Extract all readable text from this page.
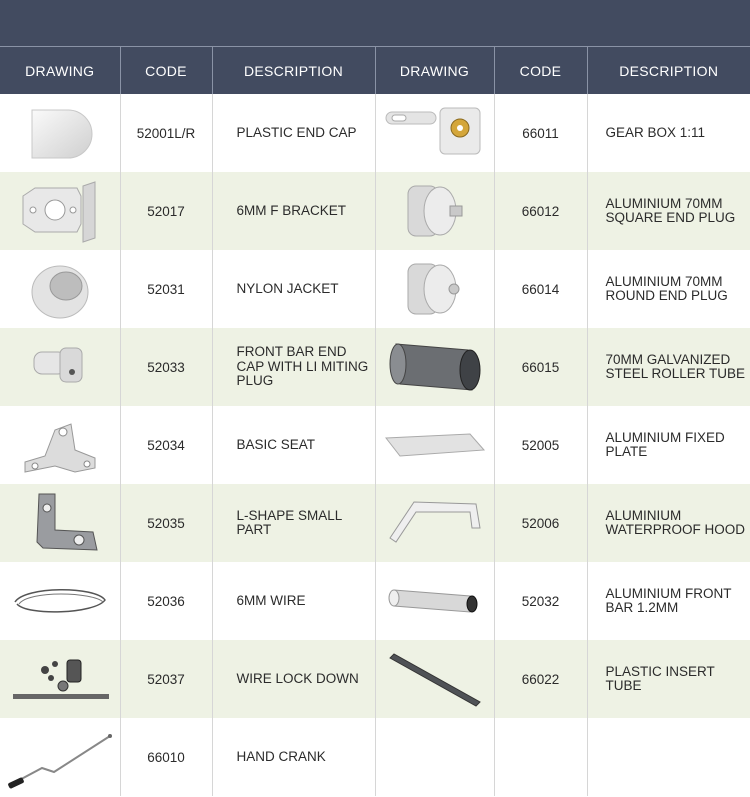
DRAWING	CODE	DESCRIPTION	DRAWING	CODE	DESCRIPTION

	52001L/R	PLASTIC END CAP		66011	GEAR BOX 1:11

	52017	6MM F BRACKET		66012	ALUMINIUM 70MM SQUARE END PLUG

	52031	NYLON JACKET		66014	ALUMINIUM 70MM ROUND END PLUG

	52033	FRONT BAR END CAP WITH LI MITING PLUG		66015	70MM GALVANIZED STEEL ROLLER TUBE

	52034	BASIC SEAT		52005	ALUMINIUM FIXED PLATE

	52035	L-SHAPE SMALL PART		52006	ALUMINIUM WATERPROOF HOOD

	52036	6MM WIRE		52032	ALUMINIUM FRONT BAR 1.2MM

	52037	WIRE LOCK DOWN		66022	PLASTIC INSERT TUBE

	66010	HAND CRANK			
